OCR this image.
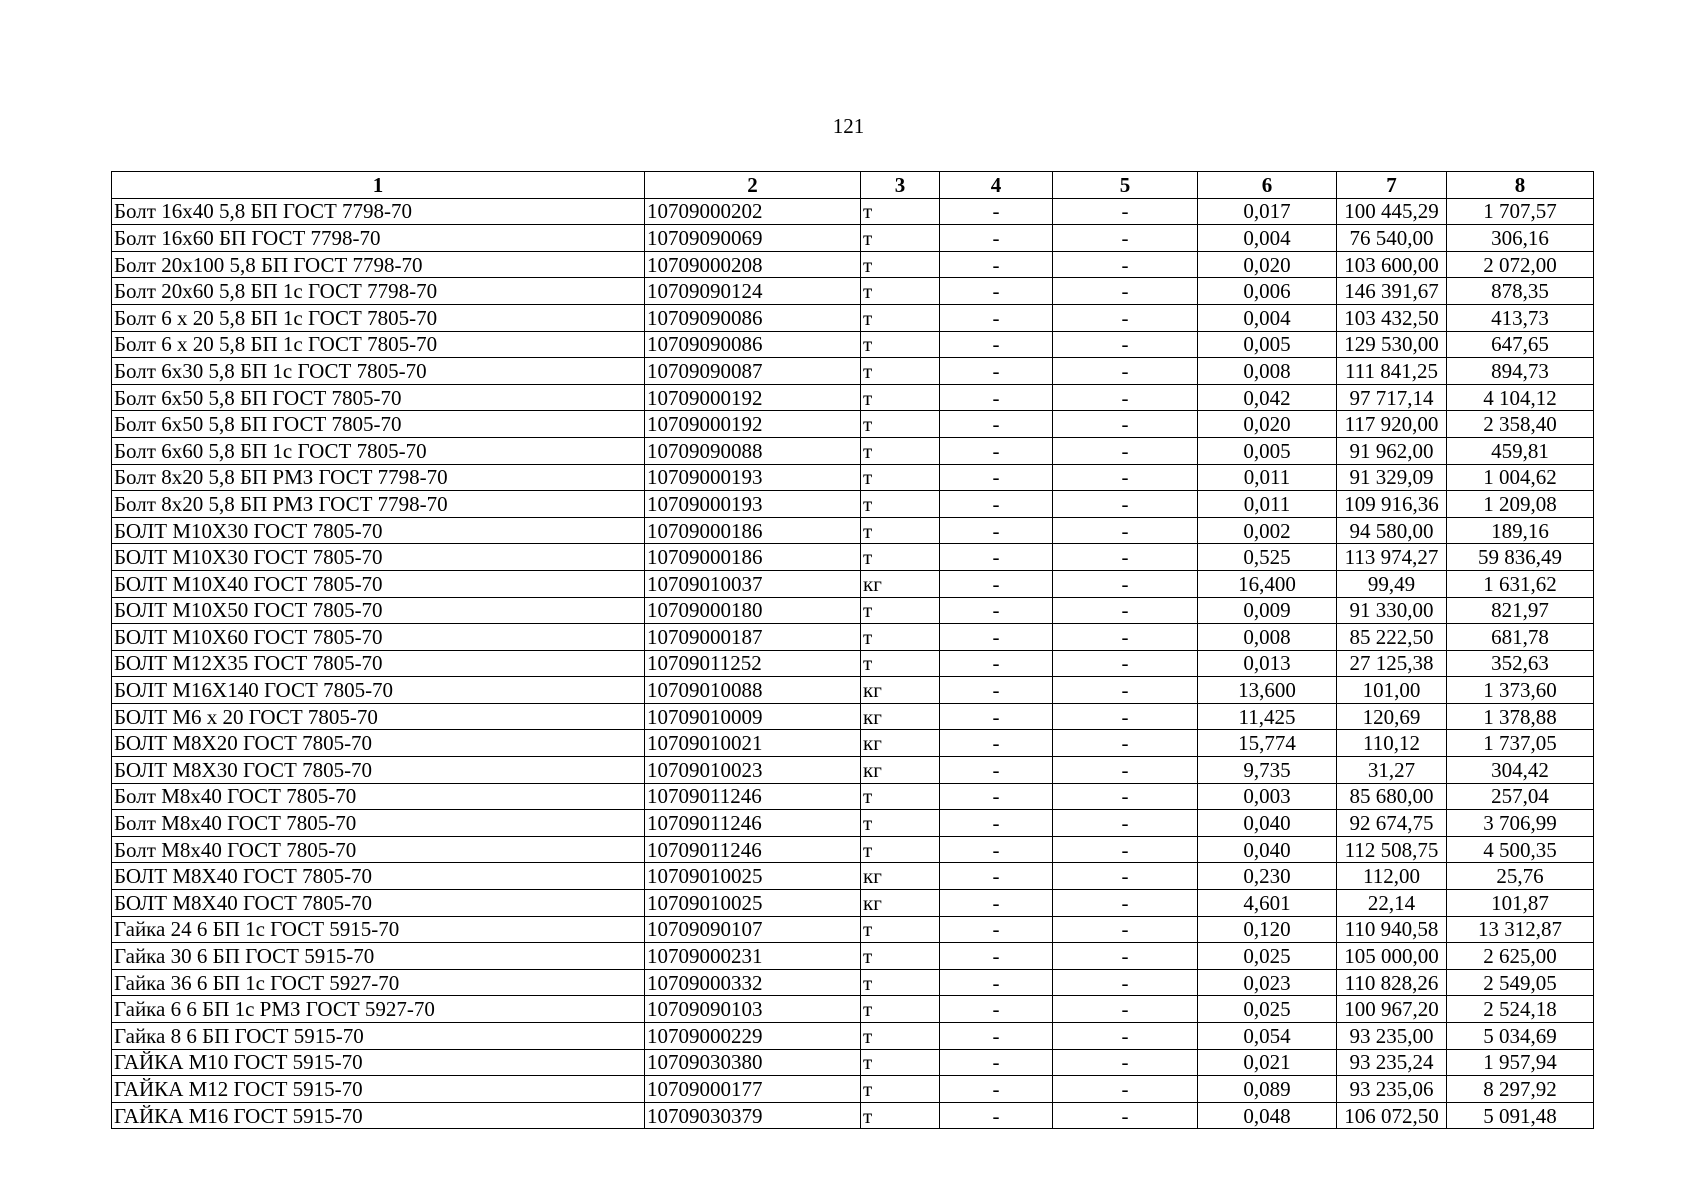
121
1	2	3	4	5	6	7	8
Болт 16х40 5,8 БП ГОСТ 7798-70	10709000202	т	-	-	0,017	100 445,29	1 707,57
Болт 16х60 БП ГОСТ 7798-70	10709090069	т	-	-	0,004	76 540,00	306,16
Болт 20х100 5,8 БП ГОСТ 7798-70	10709000208	т	-	-	0,020	103 600,00	2 072,00
Болт 20х60 5,8 БП 1с ГОСТ 7798-70	10709090124	т	-	-	0,006	146 391,67	878,35
Болт 6 х 20 5,8 БП 1с ГОСТ 7805-70	10709090086	т	-	-	0,004	103 432,50	413,73
Болт 6 х 20 5,8 БП 1с ГОСТ 7805-70	10709090086	т	-	-	0,005	129 530,00	647,65
Болт 6х30 5,8 БП 1с ГОСТ 7805-70	10709090087	т	-	-	0,008	111 841,25	894,73
Болт 6х50 5,8 БП ГОСТ 7805-70	10709000192	т	-	-	0,042	97 717,14	4 104,12
Болт 6х50 5,8 БП ГОСТ 7805-70	10709000192	т	-	-	0,020	117 920,00	2 358,40
Болт 6х60 5,8 БП 1с ГОСТ 7805-70	10709090088	т	-	-	0,005	91 962,00	459,81
Болт 8х20 5,8 БП РМЗ ГОСТ 7798-70	10709000193	т	-	-	0,011	91 329,09	1 004,62
Болт 8х20 5,8 БП РМЗ ГОСТ 7798-70	10709000193	т	-	-	0,011	109 916,36	1 209,08
БОЛТ М10Х30 ГОСТ 7805-70	10709000186	т	-	-	0,002	94 580,00	189,16
БОЛТ М10Х30 ГОСТ 7805-70	10709000186	т	-	-	0,525	113 974,27	59 836,49
БОЛТ М10Х40 ГОСТ 7805-70	10709010037	кг	-	-	16,400	99,49	1 631,62
БОЛТ М10Х50 ГОСТ 7805-70	10709000180	т	-	-	0,009	91 330,00	821,97
БОЛТ М10Х60 ГОСТ 7805-70	10709000187	т	-	-	0,008	85 222,50	681,78
БОЛТ М12Х35 ГОСТ 7805-70	10709011252	т	-	-	0,013	27 125,38	352,63
БОЛТ М16Х140 ГОСТ 7805-70	10709010088	кг	-	-	13,600	101,00	1 373,60
БОЛТ М6 х 20 ГОСТ 7805-70	10709010009	кг	-	-	11,425	120,69	1 378,88
БОЛТ М8Х20 ГОСТ 7805-70	10709010021	кг	-	-	15,774	110,12	1 737,05
БОЛТ М8Х30 ГОСТ 7805-70	10709010023	кг	-	-	9,735	31,27	304,42
Болт М8х40 ГОСТ 7805-70	10709011246	т	-	-	0,003	85 680,00	257,04
Болт М8х40 ГОСТ 7805-70	10709011246	т	-	-	0,040	92 674,75	3 706,99
Болт М8х40 ГОСТ 7805-70	10709011246	т	-	-	0,040	112 508,75	4 500,35
БОЛТ М8Х40 ГОСТ 7805-70	10709010025	кг	-	-	0,230	112,00	25,76
БОЛТ М8Х40 ГОСТ 7805-70	10709010025	кг	-	-	4,601	22,14	101,87
Гайка 24 6 БП 1с ГОСТ 5915-70	10709090107	т	-	-	0,120	110 940,58	13 312,87
Гайка 30 6 БП ГОСТ 5915-70	10709000231	т	-	-	0,025	105 000,00	2 625,00
Гайка 36 6 БП 1с ГОСТ 5927-70	10709000332	т	-	-	0,023	110 828,26	2 549,05
Гайка 6 6 БП 1с РМЗ ГОСТ 5927-70	10709090103	т	-	-	0,025	100 967,20	2 524,18
Гайка 8 6 БП ГОСТ 5915-70	10709000229	т	-	-	0,054	93 235,00	5 034,69
ГАЙКА М10 ГОСТ 5915-70	10709030380	т	-	-	0,021	93 235,24	1 957,94
ГАЙКА М12 ГОСТ 5915-70	10709000177	т	-	-	0,089	93 235,06	8 297,92
ГАЙКА М16 ГОСТ 5915-70	10709030379	т	-	-	0,048	106 072,50	5 091,48
